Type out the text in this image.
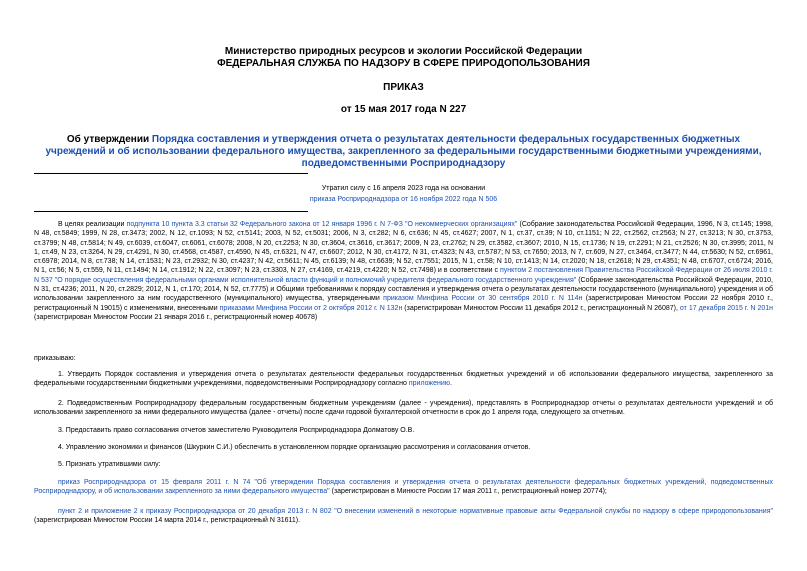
Министерство природных ресурсов и экологии Российской Федерации
ФЕДЕРАЛЬНАЯ СЛУЖБА ПО НАДЗОРУ В СФЕРЕ ПРИРОДОПОЛЬЗОВАНИЯ
ПРИКАЗ
от 15 мая 2017 года N 227
Об утверждении Порядка составления и утверждения отчета о результатах деятельности федеральных государственных бюджетных учреждений и об использовании федерального имущества, закрепленного за федеральными государственными бюджетными учреждениями, подведомственными Росприроднадзору
Утратил силу с 16 апреля 2023 года на основании
приказа Росприроднадзора от 16 ноября 2022 года N 506

В целях реализации подпункта 10 пункта 3.3 статьи 32 Федерального закона от 12 января 1996 г. N 7-ФЗ "О некоммерческих организациях" (Собрание законодательства Российской Федерации, 1996, N 3, ст.145; 1998, N 48, ст.5849; 1999, N 28, ст.3473; 2002, N 12, ст.1093; N 52, ст.5141; 2003, N 52, ст.5031; 2006, N 3, ст.282; N 6, ст.636; N 45, ст.4627; 2007, N 1, ст.37, ст.39; N 10, ст.1151; N 22, ст.2562, ст.2563; N 27, ст.3213; N 30, ст.3753, ст.3799; N 48, ст.5814; N 49, ст.6039, ст.6047, ст.6061, ст.6078; 2008, N 20, ст.2253; N 30, ст.3604, ст.3616, ст.3617; 2009, N 23, ст.2762; N 29, ст.3582, ст.3607; 2010, N 15, ст.1736; N 19, ст.2291; N 21, ст.2526; N 30, ст.3995; 2011, N 1, ст.49, N 23, ст.3264, N 29, ст.4291, N 30, ст.4568, ст.4587, ст.4590, N 45, ст.6321, N 47, ст.6607; 2012, N 30, ст.4172, N 31, ст.4323; N 43, ст.5787; N 53, ст.7650; 2013, N 7, ст.609, N 27, ст.3464, ст.3477; N 44, ст.5630; N 52, ст.6961, ст.6978; 2014, N 8, ст.738; N 14, ст.1531; N 23, ст.2932; N 30, ст.4237; N 42, ст.5611; N 45, ст.6139; N 48, ст.6639; N 52, ст.7551; 2015, N 1, ст.58; N 10, ст.1413; N 14, ст.2020; N 18, ст.2618; N 29, ст.4351; N 48, ст.6707, ст.6724; 2016, N 1, ст.56; N 5, ст.559, N 11, ст.1494; N 14, ст.1912; N 22, ст.3097; N 23, ст.3303, N 27, ст.4169, ст.4219, ст.4220; N 52, ст.7498) и в соответствии с пунктом 2 постановления Правительства Российской Федерации от 26 июля 2010 г. N 537 "О порядке осуществления федеральными органами исполнительной власти функций и полномочий учредителя федерального государственного учреждения" (Собрание законодательства Российской Федерации, 2010, N 31, ст.4236; 2011, N 20, ст.2829; 2012, N 1, ст.170; 2014, N 52, ст.7775) и Общими требованиями к порядку составления и утверждения отчета о результатах деятельности государственного (муниципального) учреждения и об использовании закрепленного за ним государственного (муниципального) имущества, утвержденными приказом Минфина России от 30 сентября 2010 г. N 114н (зарегистрирован Минюстом России 22 ноября 2010 г., регистрационный N 19015) с изменениями, внесенными приказами Минфина России от 2 октября 2012 г. N 132н (зарегистрирован Минюстом России 11 декабря 2012 г., регистрационный N 26087), от 17 декабря 2015 г. N 201н (зарегистрирован Минюстом России 21 января 2016 г., регистрационный номер 40678)

приказываю:

1. Утвердить Порядок составления и утверждения отчета о результатах деятельности федеральных государственных бюджетных учреждений и об использовании федерального имущества, закрепленного за федеральными государственными бюджетными учреждениями, подведомственными Росприроднадзору согласно приложению.

2. Подведомственным Росприроднадзору федеральным государственным бюджетным учреждениям (далее - учреждения), представлять в Росприроднадзор отчеты о результатах деятельности учреждений и об использовании закрепленного за ними федерального имущества (далее - отчеты) после сдачи годовой бухгалтерской отчетности в срок до 1 апреля года, следующего за отчетным.

3. Предоставить право согласования отчетов заместителю Руководителя Росприроднадзора Долматову О.В.

4. Управлению экономики и финансов (Шкуркин С.И.) обеспечить в установленном порядке организацию рассмотрения и согласования отчетов.

5. Признать утратившими силу:

приказ Росприроднадзора от 15 февраля 2011 г. N 74 "Об утверждении Порядка составления и утверждения отчета о результатах деятельности федеральных бюджетных учреждений, подведомственных Росприроднадзору, и об использовании закрепленного за ними федерального имущества" (зарегистрирован в Минюсте России 17 мая 2011 г., регистрационный номер 20774);

пункт 2 и приложение 2 к приказу Росприроднадзора от 20 декабря 2013 г. N 802 "О внесении изменений в некоторые нормативные правовые акты Федеральной службы по надзору в сфере природопользования" (зарегистрирован Минюстом России 14 марта 2014 г., регистрационный N 31611).
